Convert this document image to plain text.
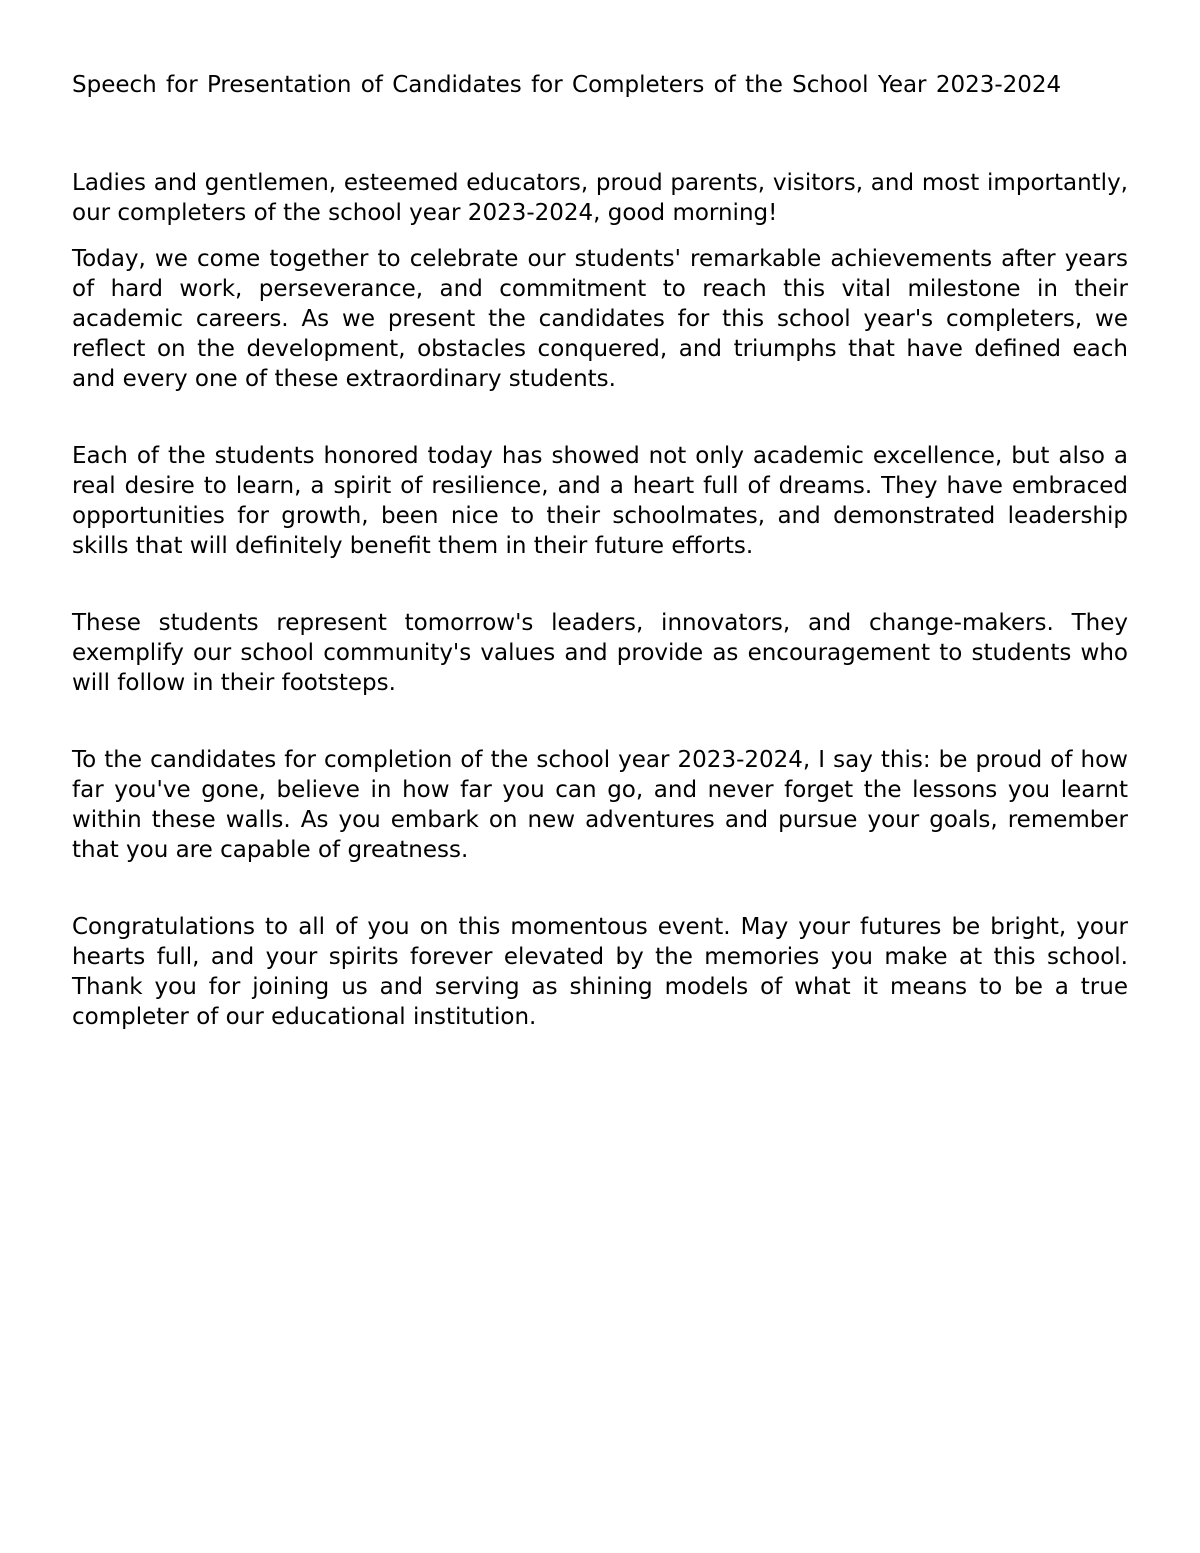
Speech for Presentation of Candidates for Completers of the School Year 2023-2024

Ladies and gentlemen, esteemed educators, proud parents, visitors, and most importantly, our completers of the school year 2023-2024, good morning!

Today, we come together to celebrate our students' remarkable achievements after years of hard work, perseverance, and commitment to reach this vital milestone in their academic careers. As we present the candidates for this school year's completers, we reflect on the development, obstacles conquered, and triumphs that have defined each and every one of these extraordinary students.

Each of the students honored today has showed not only academic excellence, but also a real desire to learn, a spirit of resilience, and a heart full of dreams. They have embraced opportunities for growth, been nice to their schoolmates, and demonstrated leadership skills that will definitely benefit them in their future efforts.

These students represent tomorrow's leaders, innovators, and change-makers. They exemplify our school community's values and provide as encouragement to students who will follow in their footsteps.

To the candidates for completion of the school year 2023-2024, I say this: be proud of how far you've gone, believe in how far you can go, and never forget the lessons you learnt within these walls. As you embark on new adventures and pursue your goals, remember that you are capable of greatness.

Congratulations to all of you on this momentous event. May your futures be bright, your hearts full, and your spirits forever elevated by the memories you make at this school. Thank you for joining us and serving as shining models of what it means to be a true completer of our educational institution.
